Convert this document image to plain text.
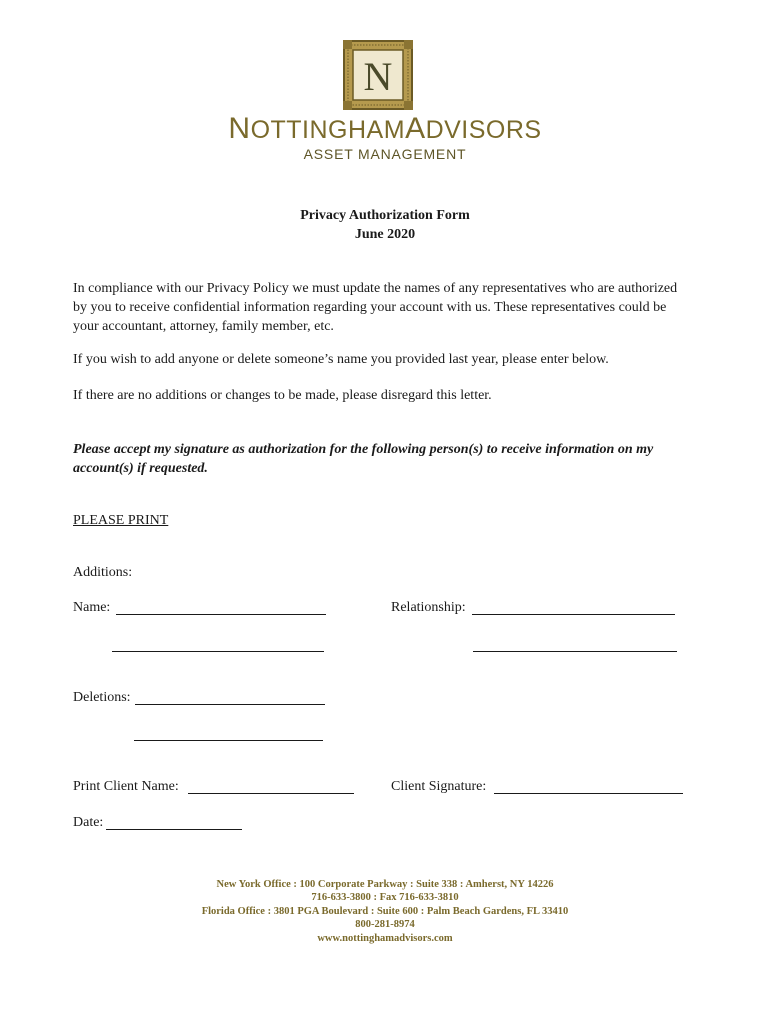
N
NOTTINGHAMADVISORS
ASSET MANAGEMENT
Privacy Authorization Form
June 2020
In compliance with our Privacy Policy we must update the names of any representatives who are authorized by you to receive confidential information regarding your account with us. These representatives could be your accountant, attorney, family member, etc.
If you wish to add anyone or delete someone’s name you provided last year, please enter below.
If there are no additions or changes to be made, please disregard this letter.
Please accept my signature as authorization for the following person(s) to receive information on my account(s) if requested.
PLEASE PRINT
Additions:
Name:	Relationship:
Deletions:
Print Client Name:	Client Signature:
Date:
New York Office : 100 Corporate Parkway : Suite 338 : Amherst, NY 14226
716-633-3800 : Fax 716-633-3810
Florida Office : 3801 PGA Boulevard : Suite 600 : Palm Beach Gardens, FL 33410
800-281-8974
www.nottinghamadvisors.com
